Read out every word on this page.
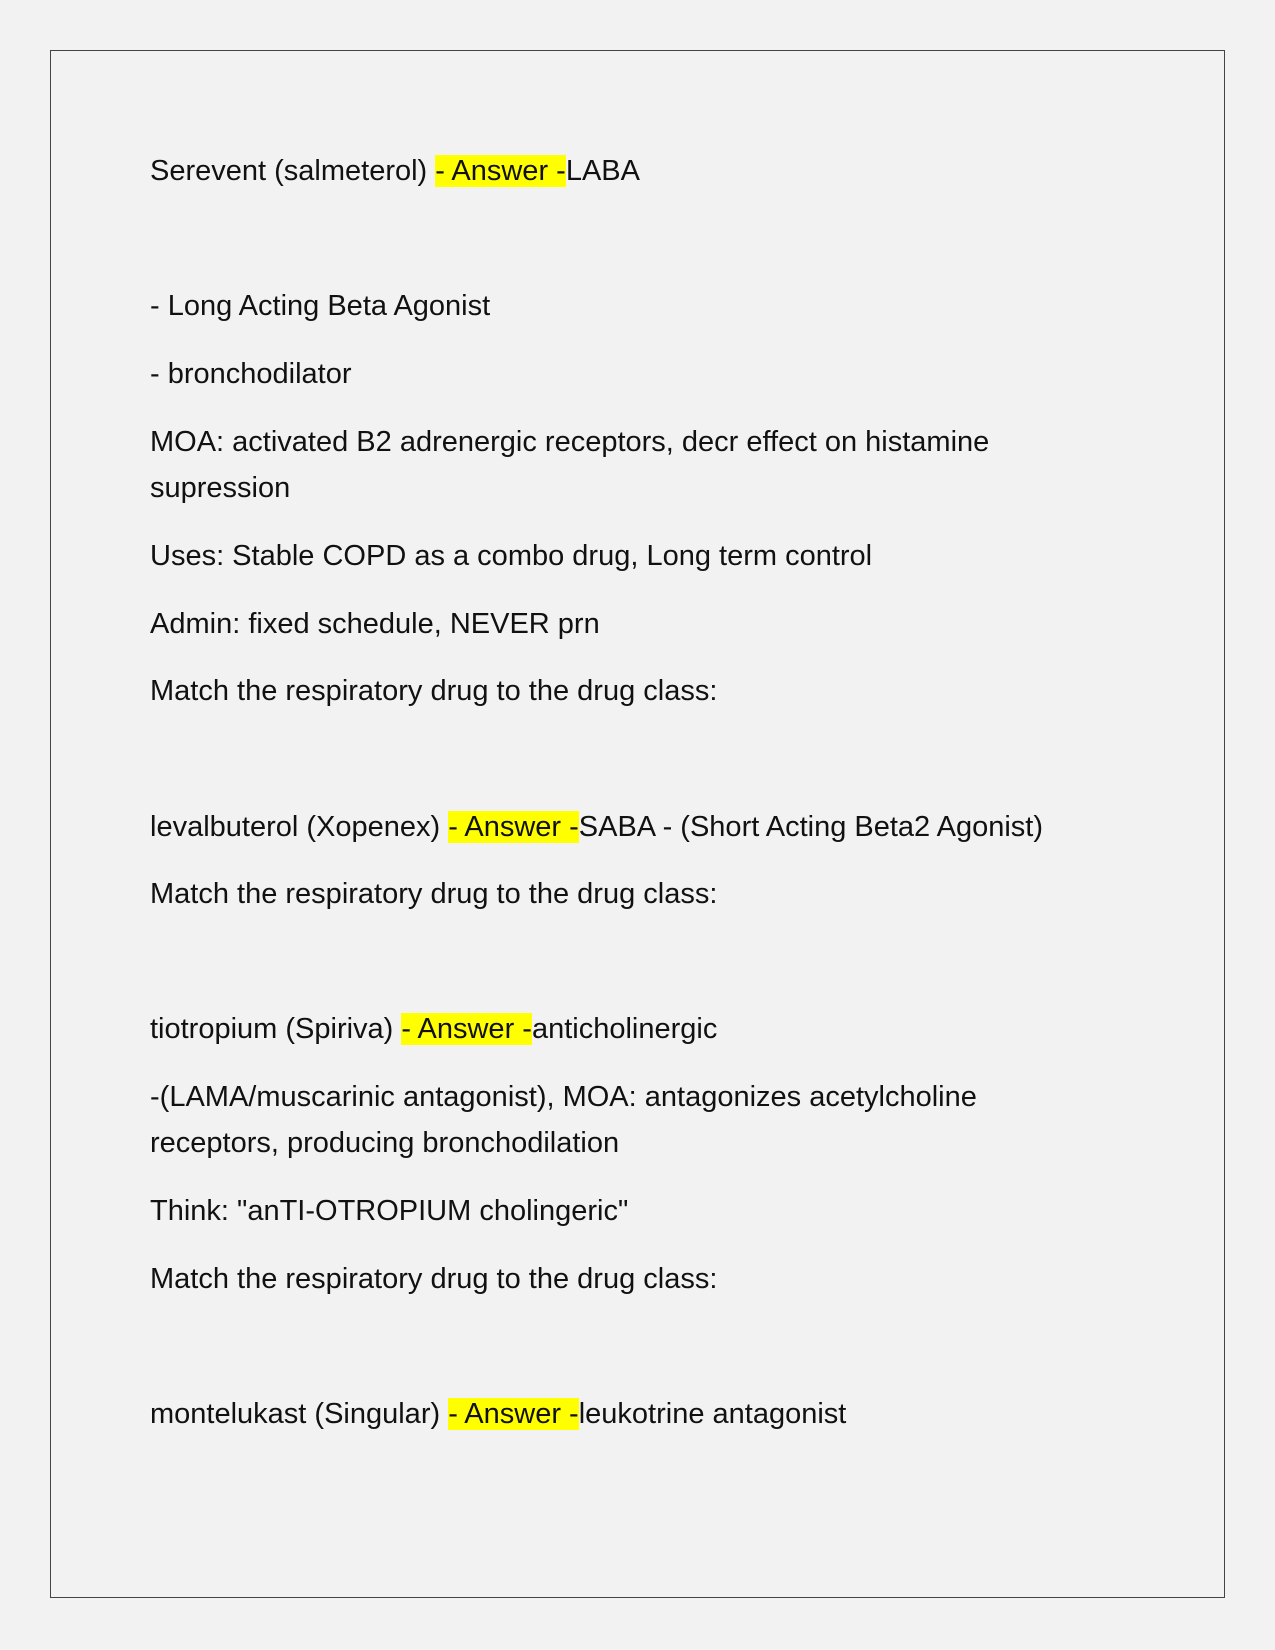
Serevent (salmeterol) - Answer -LABA
- Long Acting Beta Agonist
- bronchodilator
MOA: activated B2 adrenergic receptors, decr effect on histamine supression
Uses: Stable COPD as a combo drug, Long term control
Admin: fixed schedule, NEVER prn
Match the respiratory drug to the drug class:
levalbuterol (Xopenex) - Answer -SABA - (Short Acting Beta2 Agonist)
Match the respiratory drug to the drug class:
tiotropium (Spiriva) - Answer -anticholinergic
-(LAMA/muscarinic antagonist), MOA: antagonizes acetylcholine receptors, producing bronchodilation
Think: "anTI-OTROPIUM cholingeric"
Match the respiratory drug to the drug class:
montelukast (Singular) - Answer -leukotrine antagonist
